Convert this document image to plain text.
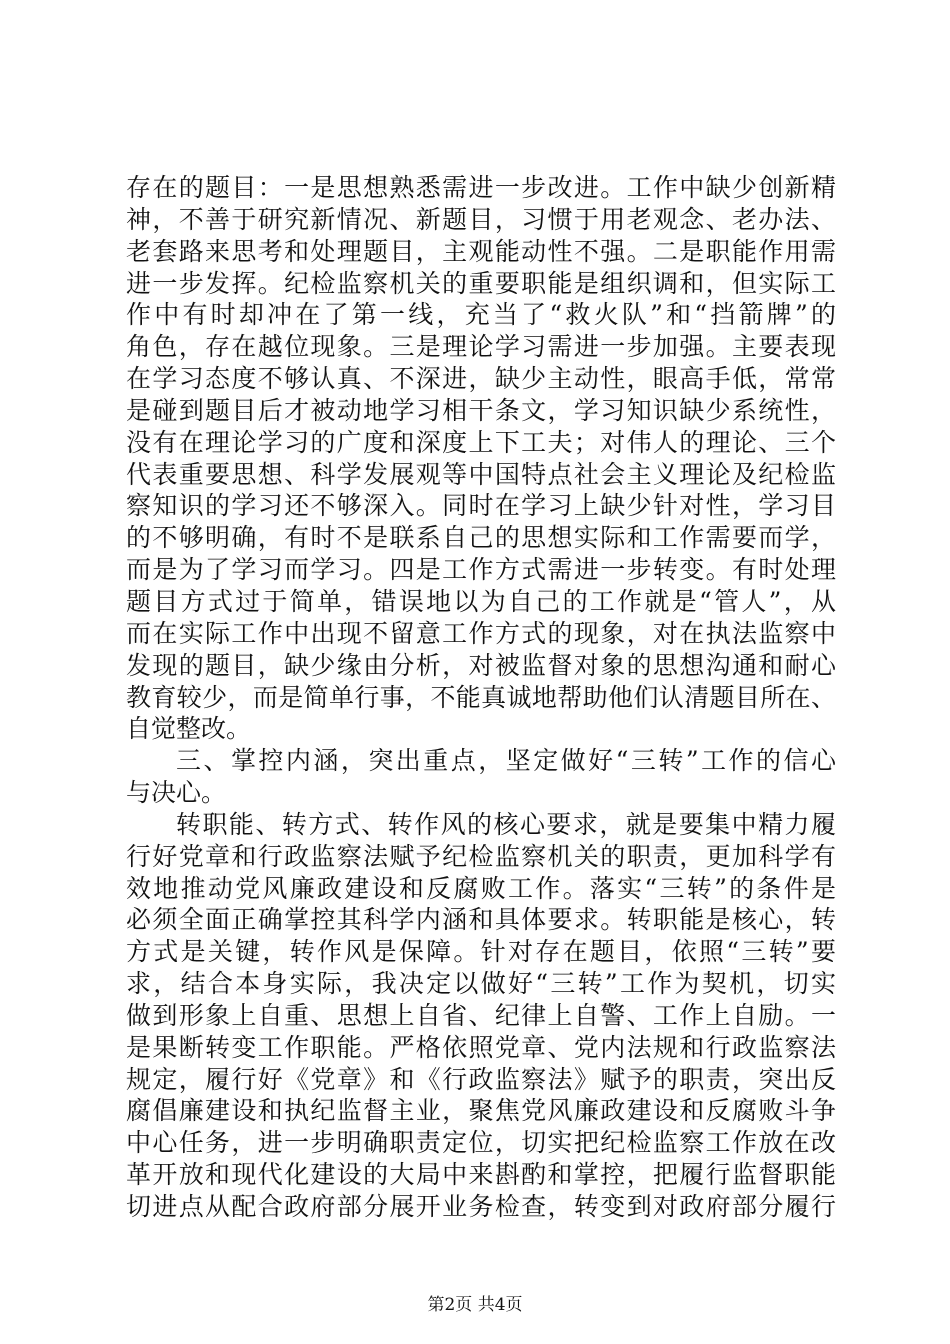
存在的题目：一是思想熟悉需进一步改进。工作中缺少创新精
神，不善于研究新情况、新题目，习惯于用老观念、老办法、
老套路来思考和处理题目，主观能动性不强。二是职能作用需
进一步发挥。纪检监察机关的重要职能是组织调和，但实际工
作中有时却冲在了第一线，充当了“救火队”和“挡箭牌”的
角色，存在越位现象。三是理论学习需进一步加强。主要表现
在学习态度不够认真、不深进，缺少主动性，眼高手低，常常
是碰到题目后才被动地学习相干条文，学习知识缺少系统性，
没有在理论学习的广度和深度上下工夫；对伟人的理论、三个
代表重要思想、科学发展观等中国特点社会主义理论及纪检监
察知识的学习还不够深入。同时在学习上缺少针对性，学习目
的不够明确，有时不是联系自己的思想实际和工作需要而学，
而是为了学习而学习。四是工作方式需进一步转变。有时处理
题目方式过于简单，错误地以为自己的工作就是“管人”，从
而在实际工作中出现不留意工作方式的现象，对在执法监察中
发现的题目，缺少缘由分析，对被监督对象的思想沟通和耐心
教育较少，而是简单行事，不能真诚地帮助他们认清题目所在、
自觉整改。
三、掌控内涵，突出重点，坚定做好“三转”工作的信心
与决心。
转职能、转方式、转作风的核心要求，就是要集中精力履
行好党章和行政监察法赋予纪检监察机关的职责，更加科学有
效地推动党风廉政建设和反腐败工作。落实“三转”的条件是
必须全面正确掌控其科学内涵和具体要求。转职能是核心，转
方式是关键，转作风是保障。针对存在题目，依照“三转”要
求，结合本身实际，我决定以做好“三转”工作为契机，切实
做到形象上自重、思想上自省、纪律上自警、工作上自励。一
是果断转变工作职能。严格依照党章、党内法规和行政监察法
规定，履行好《党章》和《行政监察法》赋予的职责，突出反
腐倡廉建设和执纪监督主业，聚焦党风廉政建设和反腐败斗争
中心任务，进一步明确职责定位，切实把纪检监察工作放在改
革开放和现代化建设的大局中来斟酌和掌控，把履行监督职能
切进点从配合政府部分展开业务检查，转变到对政府部分履行
第2页 共4页
